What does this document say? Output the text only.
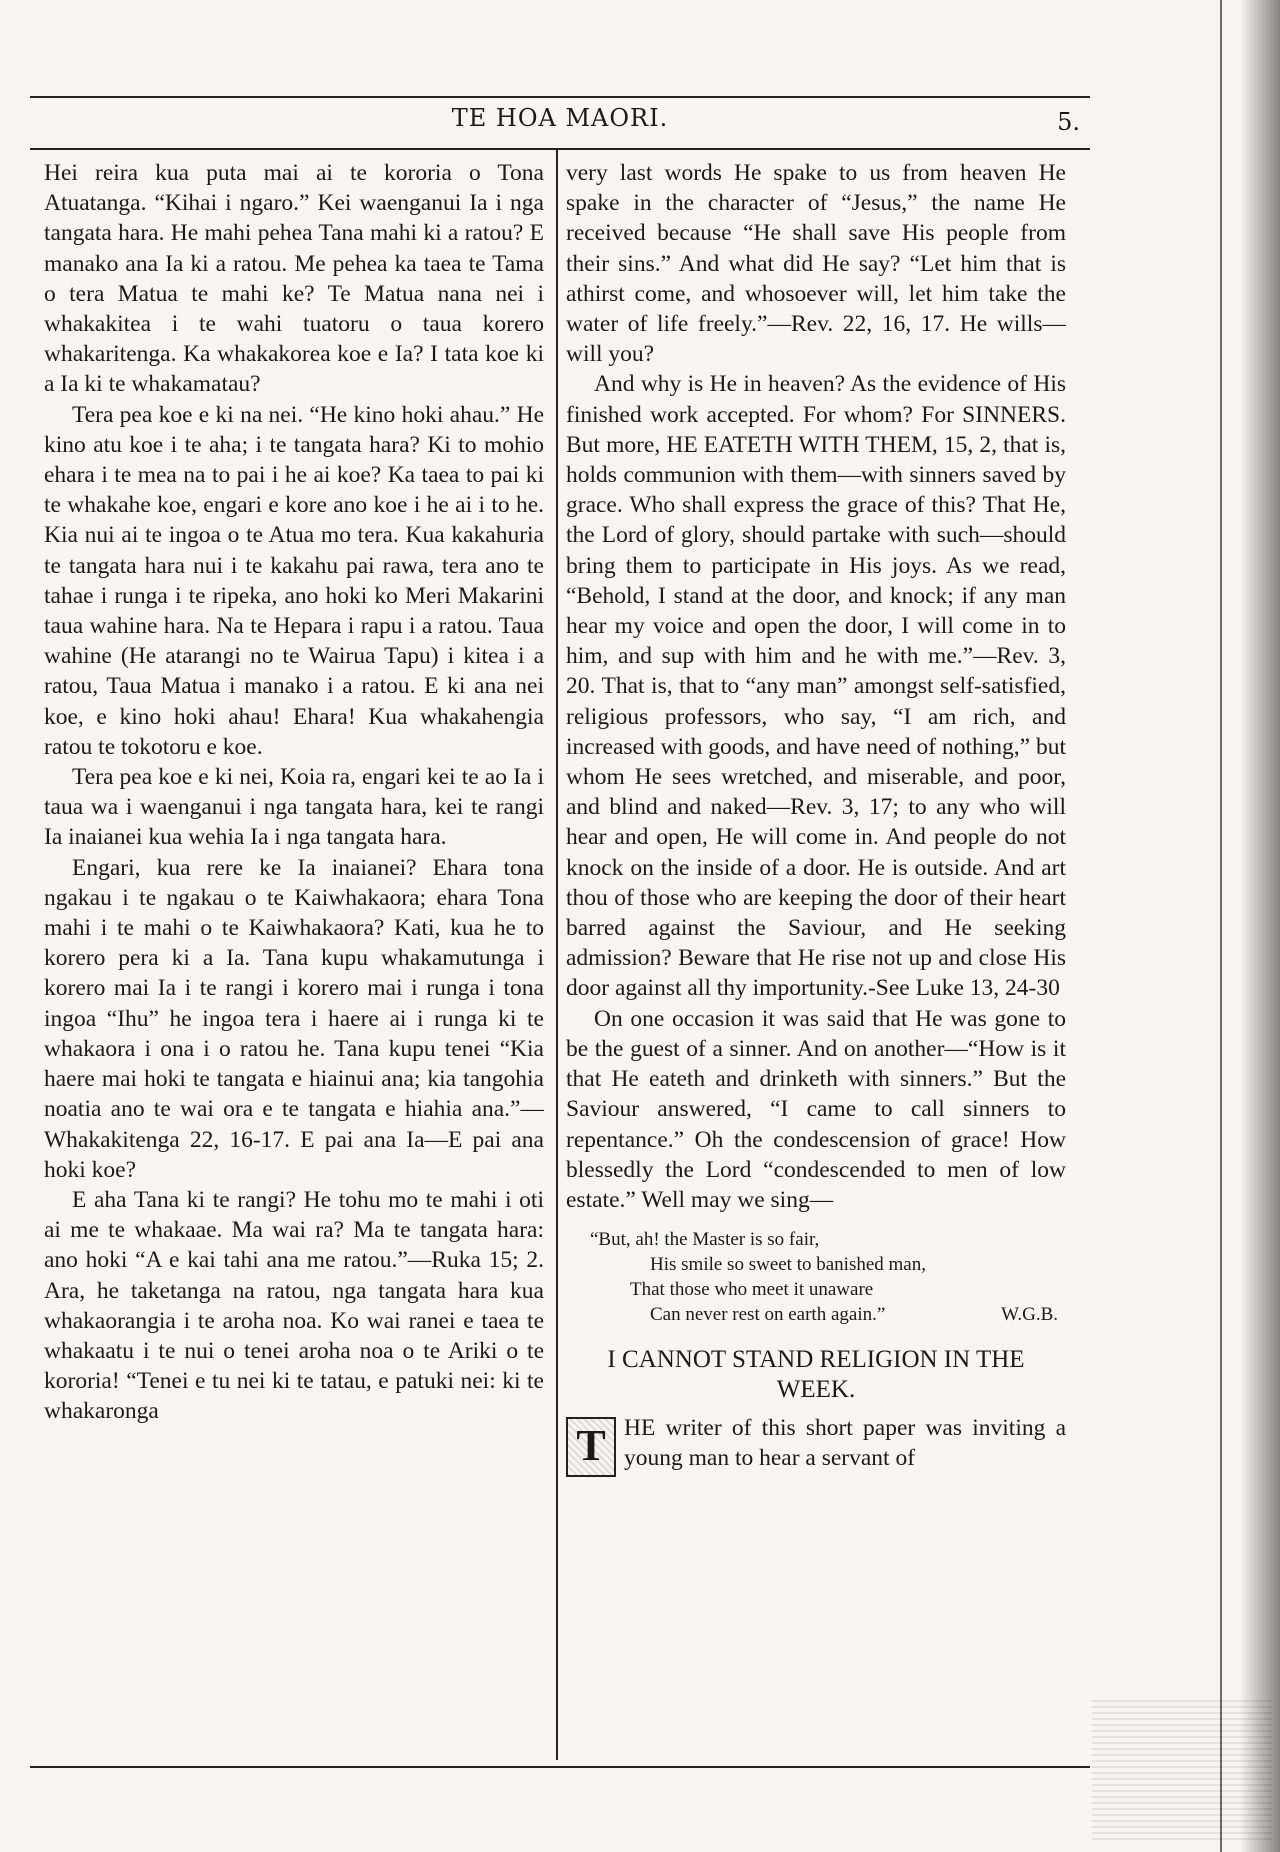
TE HOA MAORI.	5.

Hei reira kua puta mai ai te kororia o Tona Atuatanga. “Kihai i ngaro.” Kei waenganui Ia i nga tangata hara. He mahi pehea Tana mahi ki a ratou? E manako ana Ia ki a ratou. Me pehea ka taea te Tama o tera Matua te mahi ke? Te Matua nana nei i whakakitea i te wahi tuatoru o taua korero whakaritenga. Ka whakakorea koe e Ia? I tata koe ki a Ia ki te whakamatau?

Tera pea koe e ki na nei. “He kino hoki ahau.” He kino atu koe i te aha; i te tangata hara? Ki to mohio ehara i te mea na to pai i he ai koe? Ka taea to pai ki te whakahe koe, engari e kore ano koe i he ai i to he. Kia nui ai te ingoa o te Atua mo tera. Kua kakahuria te tangata hara nui i te kakahu pai rawa, tera ano te tahae i runga i te ripeka, ano hoki ko Meri Makarini taua wahine hara. Na te Hepara i rapu i a ratou. Taua wahine (He atarangi no te Wairua Tapu) i kitea i a ratou, Taua Matua i manako i a ratou. E ki ana nei koe, e kino hoki ahau! Ehara! Kua whakahengia ratou te tokotoru e koe.

Tera pea koe e ki nei, Koia ra, engari kei te ao Ia i taua wa i waenganui i nga tangata hara, kei te rangi Ia inaianei kua wehia Ia i nga tangata hara.

Engari, kua rere ke Ia inaianei? Ehara tona ngakau i te ngakau o te Kaiwhakaora; ehara Tona mahi i te mahi o te Kaiwhakaora? Kati, kua he to korero pera ki a Ia. Tana kupu whakamutunga i korero mai Ia i te rangi i korero mai i runga i tona ingoa “Ihu” he ingoa tera i haere ai i runga ki te whakaora i ona i o ratou he. Tana kupu tenei “Kia haere mai hoki te tangata e hiainui ana; kia tangohia noatia ano te wai ora e te tangata e hiahia ana.”—Whakakitenga 22, 16-17. E pai ana Ia—E pai ana hoki koe?

E aha Tana ki te rangi? He tohu mo te mahi i oti ai me te whakaae. Ma wai ra? Ma te tangata hara: ano hoki “A e kai tahi ana me ratou.”—Ruka 15; 2. Ara, he taketanga na ratou, nga tangata hara kua whakaorangia i te aroha noa. Ko wai ranei e taea te whakaatu i te nui o tenei aroha noa o te Ariki o te kororia! “Tenei e tu nei ki te tatau, e patuki nei: ki te whakaronga

very last words He spake to us from heaven He spake in the character of “Jesus,” the name He received because “He shall save His people from their sins.” And what did He say? “Let him that is athirst come, and whosoever will, let him take the water of life freely.”—Rev. 22, 16, 17. He wills—will you?

And why is He in heaven? As the evidence of His finished work accepted. For whom? For SINNERS. But more, HE EATETH WITH THEM, 15, 2, that is, holds communion with them—with sinners saved by grace. Who shall express the grace of this? That He, the Lord of glory, should partake with such—should bring them to participate in His joys. As we read, “Behold, I stand at the door, and knock; if any man hear my voice and open the door, I will come in to him, and sup with him and he with me.”—Rev. 3, 20. That is, that to “any man” amongst self-satisfied, religious professors, who say, “I am rich, and increased with goods, and have need of nothing,” but whom He sees wretched, and miserable, and poor, and blind and naked—Rev. 3, 17; to any who will hear and open, He will come in. And people do not knock on the inside of a door. He is outside. And art thou of those who are keeping the door of their heart barred against the Saviour, and He seeking admission? Beware that He rise not up and close His door against all thy importunity.-See Luke 13, 24-30

On one occasion it was said that He was gone to be the guest of a sinner. And on another—“How is it that He eateth and drinketh with sinners.” But the Saviour answered, “I came to call sinners to repentance.” Oh the condescension of grace! How blessedly the Lord “condescended to men of low estate.” Well may we sing—

“But, ah! the Master is so fair,
His smile so sweet to banished man,
That those who meet it unaware
Can never rest on earth again.”	W.G.B.
I CANNOT STAND RELIGION IN THE WEEK.

T HE writer of this short paper was inviting a young man to hear a servant of
